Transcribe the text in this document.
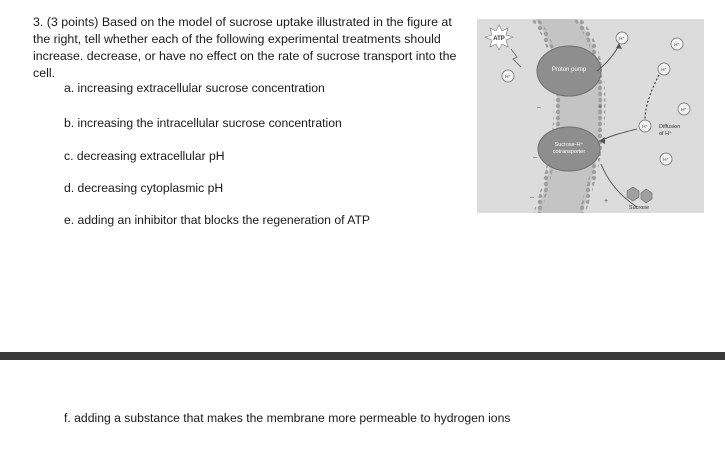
3. (3 points) Based on the model of sucrose uptake illustrated in the figure at the right, tell whether each of the following experimental treatments should increase. decrease, or have no effect on the rate of sucrose transport into the cell.
a. increasing extracellular sucrose concentration
b. increasing the intracellular sucrose concentration
c. decreasing extracellular pH
d. decreasing cytoplasmic pH
e. adding an inhibitor that blocks the regeneration of ATP
Proton pump
Sucrose-H⁺
cotransporter
ATP
H⁺
H⁺
H⁺
H⁺
H⁺
H⁺
H⁺
Diffusion
of H⁺
Sucrose
–
–
–
+
+
f. adding a substance that makes the membrane more permeable to hydrogen ions
